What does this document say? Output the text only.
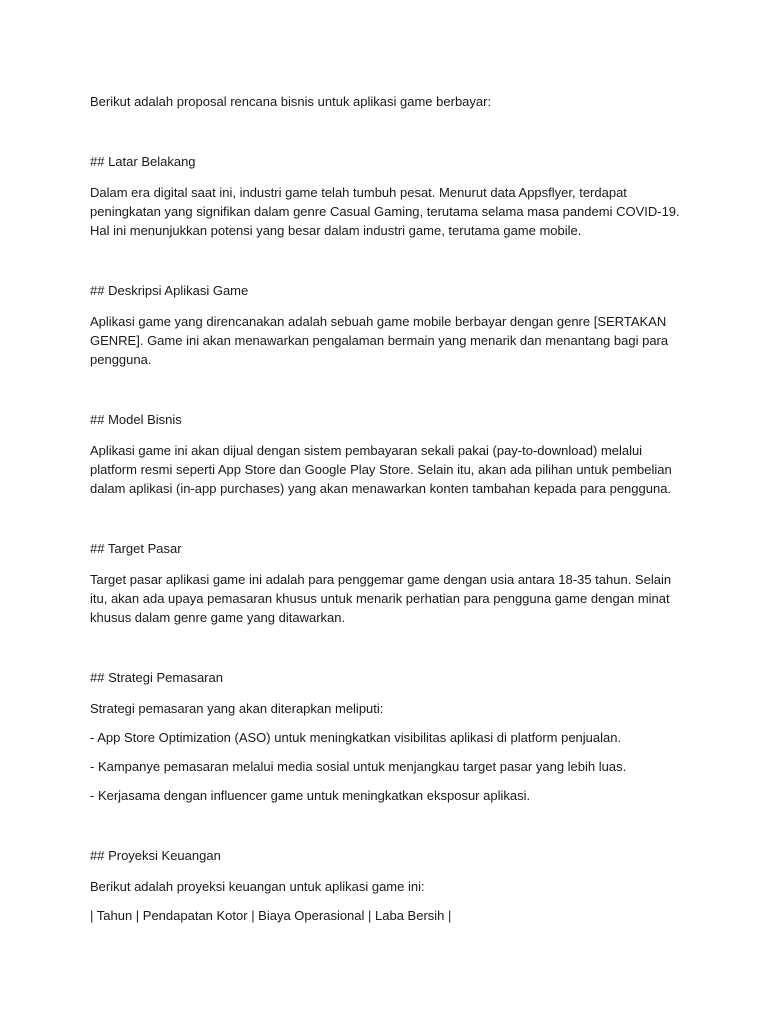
Berikut adalah proposal rencana bisnis untuk aplikasi game berbayar:

## Latar Belakang

Dalam era digital saat ini, industri game telah tumbuh pesat. Menurut data Appsflyer, terdapat peningkatan yang signifikan dalam genre Casual Gaming, terutama selama masa pandemi COVID-19. Hal ini menunjukkan potensi yang besar dalam industri game, terutama game mobile.

## Deskripsi Aplikasi Game

Aplikasi game yang direncanakan adalah sebuah game mobile berbayar dengan genre [SERTAKAN GENRE]. Game ini akan menawarkan pengalaman bermain yang menarik dan menantang bagi para pengguna.

## Model Bisnis

Aplikasi game ini akan dijual dengan sistem pembayaran sekali pakai (pay-to-download) melalui platform resmi seperti App Store dan Google Play Store. Selain itu, akan ada pilihan untuk pembelian dalam aplikasi (in-app purchases) yang akan menawarkan konten tambahan kepada para pengguna.

## Target Pasar

Target pasar aplikasi game ini adalah para penggemar game dengan usia antara 18-35 tahun. Selain itu, akan ada upaya pemasaran khusus untuk menarik perhatian para pengguna game dengan minat khusus dalam genre game yang ditawarkan.

## Strategi Pemasaran

Strategi pemasaran yang akan diterapkan meliputi:

- App Store Optimization (ASO) untuk meningkatkan visibilitas aplikasi di platform penjualan.

- Kampanye pemasaran melalui media sosial untuk menjangkau target pasar yang lebih luas.

- Kerjasama dengan influencer game untuk meningkatkan eksposur aplikasi.

## Proyeksi Keuangan

Berikut adalah proyeksi keuangan untuk aplikasi game ini:

| Tahun | Pendapatan Kotor | Biaya Operasional | Laba Bersih |
